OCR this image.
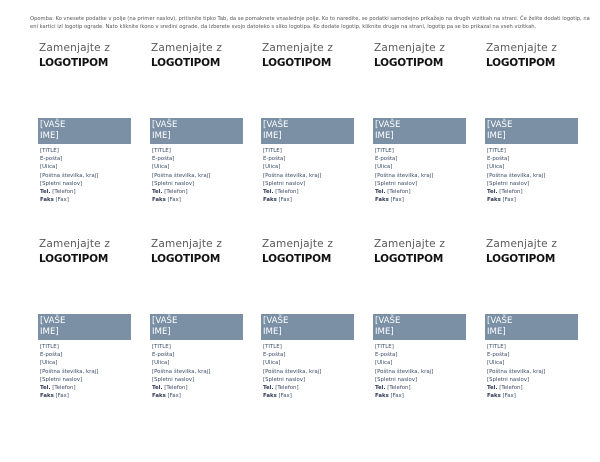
Opomba: Ko vnesete podatke v polje (na primer naslov), pritisnite tipko Tab, da se pomaknete vnaslednje polje. Ko to naredite, se podatki samodejno prikažejo na drugih vizitkah na strani. Če želite dodati logotip, na eni kartici izl logotip ograde. Nato kliknite ikono v sredini ograde, da izberete svojo datoteko s sliko logotipa. Ko dodate logotip, kliknite drugje na strani, logotip pa se bo prikazal na vseh vizitkah.
Zamenjajte z
LOGOTIPOM
[VAŠE
IME]
[TITLE]
E-pošta]
[Ulica]
[Poštna številka, kraj]
[Spletni naslov]
Tel. [Telefon]
Faks [Fax]
Zamenjajte z
LOGOTIPOM
[VAŠE
IME]
[TITLE]
E-pošta]
[Ulica]
[Poštna številka, kraj]
[Spletni naslov]
Tel. [Telefon]
Faks [Fax]
Zamenjajte z
LOGOTIPOM
[VAŠE
IME]
[TITLE]
E-pošta]
[Ulica]
[Poštna številka, kraj]
[Spletni naslov]
Tel. [Telefon]
Faks [Fax]
Zamenjajte z
LOGOTIPOM
[VAŠE
IME]
[TITLE]
E-pošta]
[Ulica]
[Poštna številka, kraj]
[Spletni naslov]
Tel. [Telefon]
Faks [Fax]
Zamenjajte z
LOGOTIPOM
[VAŠE
IME]
[TITLE]
E-pošta]
[Ulica]
[Poštna številka, kraj]
[Spletni naslov]
Tel. [Telefon]
Faks [Fax]
Zamenjajte z
LOGOTIPOM
[VAŠE
IME]
[TITLE]
E-pošta]
[Ulica]
[Poštna številka, kraj]
[Spletni naslov]
Tel. [Telefon]
Faks [Fax]
Zamenjajte z
LOGOTIPOM
[VAŠE
IME]
[TITLE]
E-pošta]
[Ulica]
[Poštna številka, kraj]
[Spletni naslov]
Tel. [Telefon]
Faks [Fax]
Zamenjajte z
LOGOTIPOM
[VAŠE
IME]
[TITLE]
E-pošta]
[Ulica]
[Poštna številka, kraj]
[Spletni naslov]
Tel. [Telefon]
Faks [Fax]
Zamenjajte z
LOGOTIPOM
[VAŠE
IME]
[TITLE]
E-pošta]
[Ulica]
[Poštna številka, kraj]
[Spletni naslov]
Tel. [Telefon]
Faks [Fax]
Zamenjajte z
LOGOTIPOM
[VAŠE
IME]
[TITLE]
E-pošta]
[Ulica]
[Poštna številka, kraj]
[Spletni naslov]
Tel. [Telefon]
Faks [Fax]
